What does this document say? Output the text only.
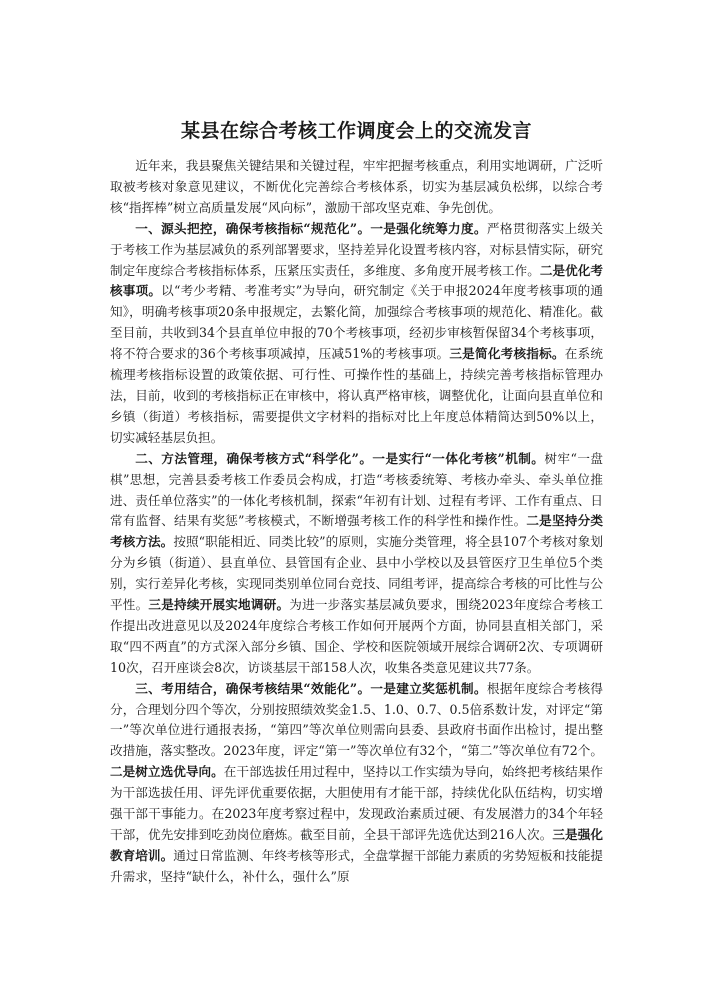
某县在综合考核工作调度会上的交流发言

近年来，我县聚焦关键结果和关键过程，牢牢把握考核重点，利用实地调研，广泛听取被考核对象意见建议，不断优化完善综合考核体系，切实为基层减负松绑，以综合考核“指挥棒”树立高质量发展“风向标”，激励干部攻坚克难、争先创优。

一、源头把控，确保考核指标“规范化”。一是强化统筹力度。严格贯彻落实上级关于考核工作为基层减负的系列部署要求，坚持差异化设置考核内容，对标县情实际，研究制定年度综合考核指标体系，压紧压实责任，多维度、多角度开展考核工作。二是优化考核事项。以“考少考精、考准考实”为导向，研究制定《关于申报2024年度考核事项的通知》，明确考核事项20条申报规定，去繁化简，加强综合考核事项的规范化、精准化。截至目前，共收到34个县直单位申报的70个考核事项，经初步审核暂保留34个考核事项，将不符合要求的36个考核事项减掉，压减51%的考核事项。三是简化考核指标。在系统梳理考核指标设置的政策依据、可行性、可操作性的基础上，持续完善考核指标管理办法，目前，收到的考核指标正在审核中，将认真严格审核，调整优化，让面向县直单位和乡镇（街道）考核指标，需要提供文字材料的指标对比上年度总体精简达到50%以上，切实减轻基层负担。

二、方法管理，确保考核方式“科学化”。一是实行“一体化考核”机制。树牢“一盘棋”思想，完善县委考核工作委员会构成，打造“考核委统筹、考核办牵头、牵头单位推进、责任单位落实”的一体化考核机制，探索“年初有计划、过程有考评、工作有重点、日常有监督、结果有奖惩”考核模式，不断增强考核工作的科学性和操作性。二是坚持分类考核方法。按照“职能相近、同类比较”的原则，实施分类管理，将全县107个考核对象划分为乡镇（街道）、县直单位、县管国有企业、县中小学校以及县管医疗卫生单位5个类别，实行差异化考核，实现同类别单位同台竞技、同组考评，提高综合考核的可比性与公平性。三是持续开展实地调研。为进一步落实基层减负要求，围绕2023年度综合考核工作提出改进意见以及2024年度综合考核工作如何开展两个方面，协同县直相关部门，采取“四不两直”的方式深入部分乡镇、国企、学校和医院领域开展综合调研2次、专项调研10次，召开座谈会8次，访谈基层干部158人次，收集各类意见建议共77条。

三、考用结合，确保考核结果“效能化”。一是建立奖惩机制。根据年度综合考核得分，合理划分四个等次，分别按照绩效奖金1.5、1.0、0.7、0.5倍系数计发，对评定“第一”等次单位进行通报表扬，“第四”等次单位则需向县委、县政府书面作出检讨，提出整改措施，落实整改。2023年度，评定“第一”等次单位有32个，“第二”等次单位有72个。二是树立选优导向。在干部选拔任用过程中，坚持以工作实绩为导向，始终把考核结果作为干部选拔任用、评先评优重要依据，大胆使用有才能干部，持续优化队伍结构，切实增强干部干事能力。在2023年度考察过程中，发现政治素质过硬、有发展潜力的34个年轻干部，优先安排到吃劲岗位磨炼。截至目前，全县干部评先选优达到216人次。三是强化教育培训。通过日常监测、年终考核等形式，全盘掌握干部能力素质的劣势短板和技能提升需求，坚持“缺什么，补什么，强什么”原
